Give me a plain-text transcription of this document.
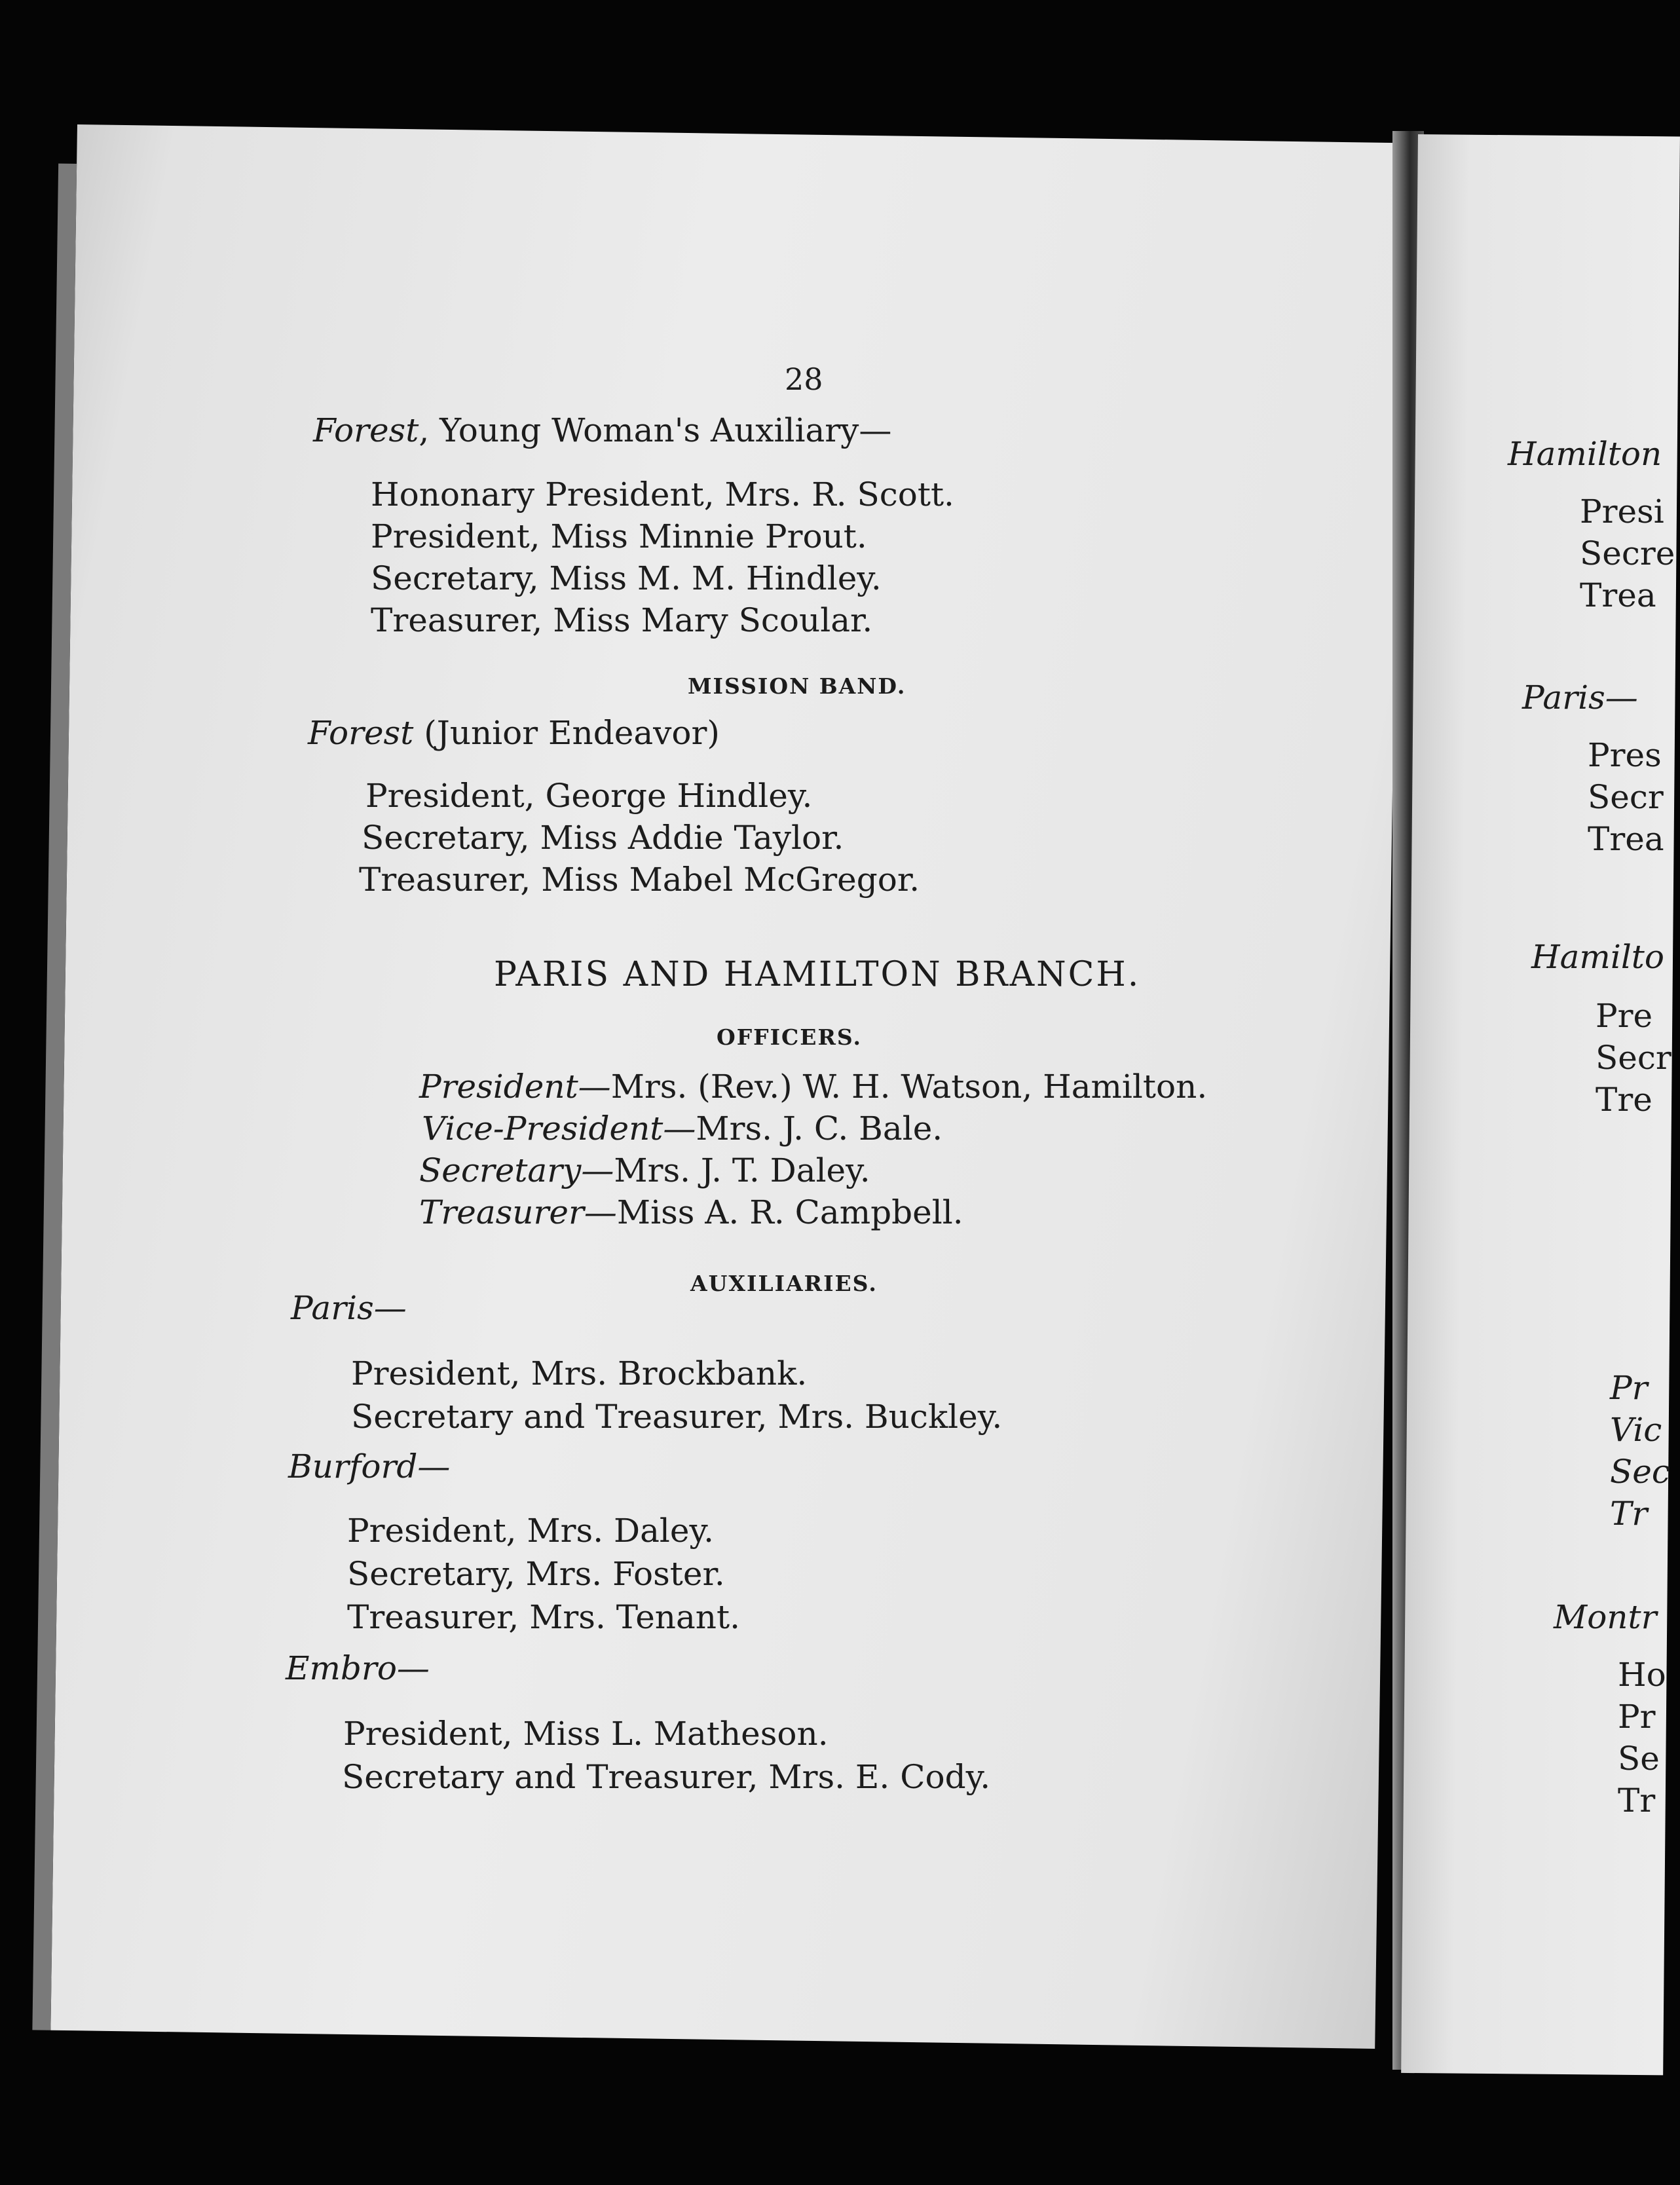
28
Forest, Young Woman's Auxiliary—
Hononary President, Mrs. R. Scott.
President, Miss Minnie Prout.
Secretary, Miss M. M. Hindley.
Treasurer, Miss Mary Scoular.
MISSION BAND.
Forest (Junior Endeavor)
President, George Hindley.
Secretary, Miss Addie Taylor.
Treasurer, Miss Mabel McGregor.
PARIS AND HAMILTON BRANCH.
OFFICERS.
President—Mrs. (Rev.) W. H. Watson, Hamilton.
Vice-President—Mrs. J. C. Bale.
Secretary—Mrs. J. T. Daley.
Treasurer—Miss A. R. Campbell.
AUXILIARIES.
Paris—
President, Mrs. Brockbank.
Secretary and Treasurer, Mrs. Buckley.
Burford—
President, Mrs. Daley.
Secretary, Mrs. Foster.
Treasurer, Mrs. Tenant.
Embro—
President, Miss L. Matheson.
Secretary and Treasurer, Mrs. E. Cody.
Hamilton
Presi
Secre
Trea
Paris—
Pres
Secr
Trea
Hamilto
Pre
Secr
Tre
Pr
Vic
Sec
Tr
Montr
Ho
Pr
Se
Tr
